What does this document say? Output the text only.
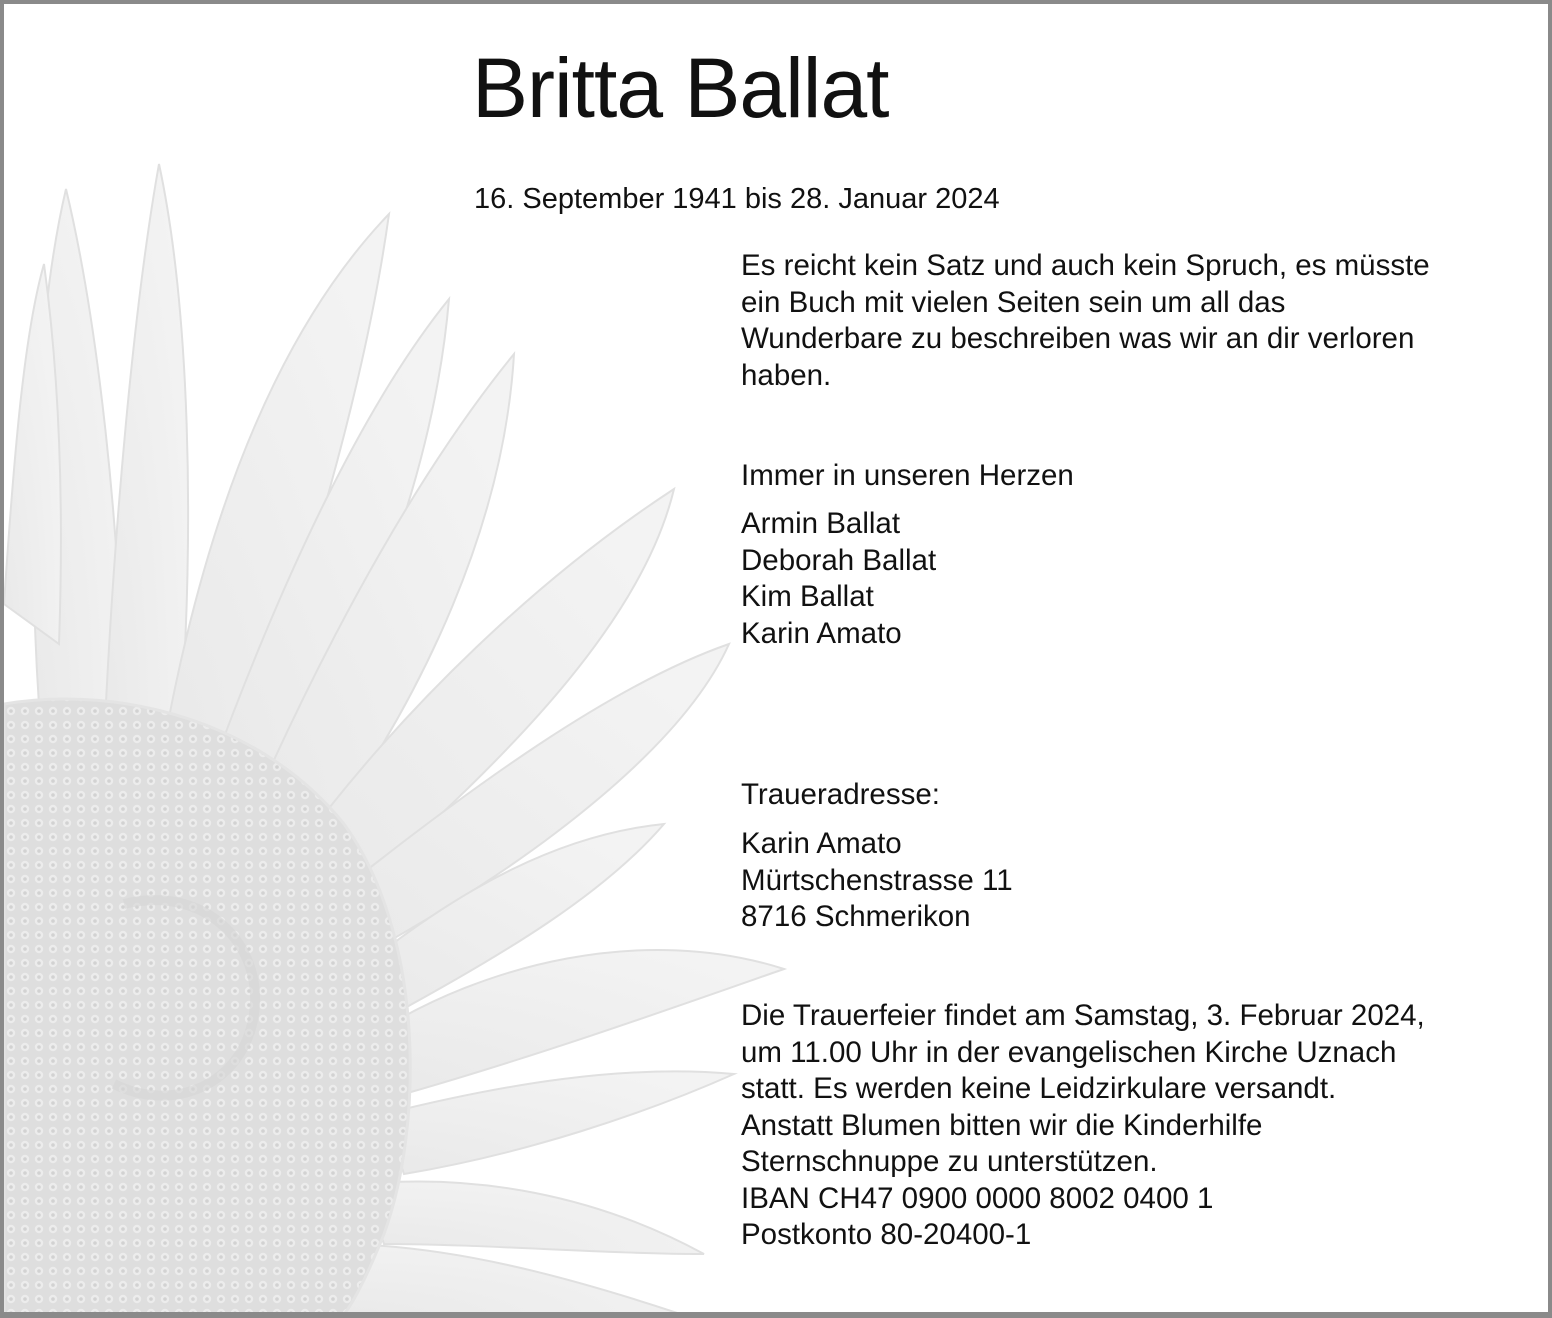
Britta Ballat
16. September 1941 bis 28. Januar 2024
Es reicht kein Satz und auch kein Spruch, es müsste
ein Buch mit vielen Seiten sein um all das
Wunderbare zu beschreiben was wir an dir verloren
haben.
Immer in unseren Herzen
Armin Ballat
Deborah Ballat
Kim Ballat
Karin Amato
Traueradresse:
Karin Amato
Mürtschenstrasse 11
8716 Schmerikon
Die Trauerfeier findet am Samstag, 3. Februar 2024,
um 11.00 Uhr in der evangelischen Kirche Uznach
statt. Es werden keine Leidzirkulare versandt.
Anstatt Blumen bitten wir die Kinderhilfe
Sternschnuppe zu unterstützen.
IBAN CH47 0900 0000 8002 0400 1
Postkonto 80-20400-1
